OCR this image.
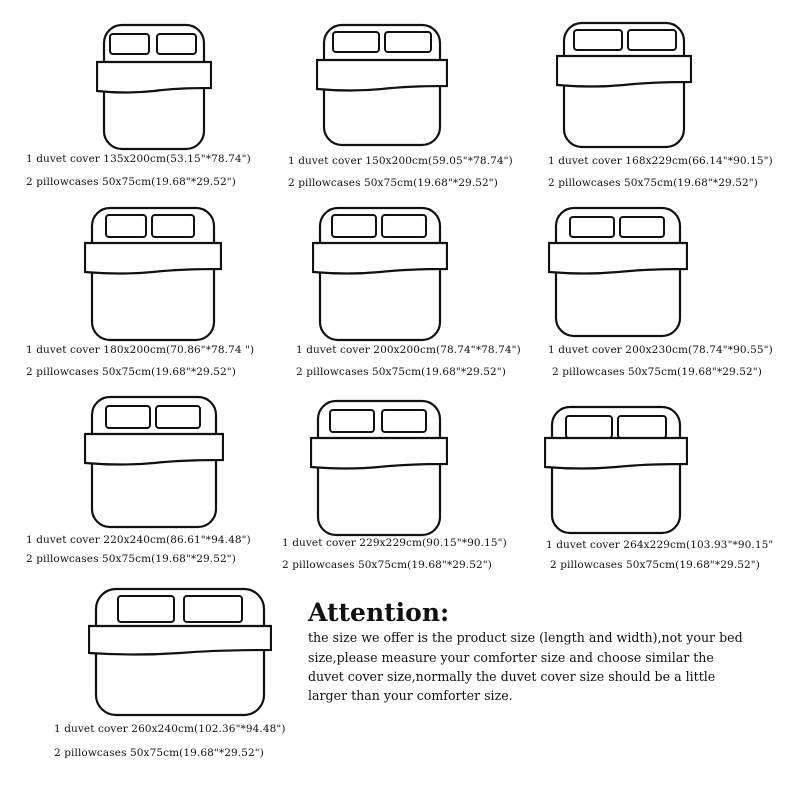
1 duvet cover 135x200cm(53.15"*78.74")
2 pillowcases 50x75cm(19.68"*29.52")
1 duvet cover 150x200cm(59.05"*78.74")
2 pillowcases 50x75cm(19.68"*29.52")
1 duvet cover 168x229cm(66.14"*90.15")
2 pillowcases 50x75cm(19.68"*29.52")
1 duvet cover 180x200cm(70.86"*78.74 ")
2 pillowcases 50x75cm(19.68"*29.52")
1 duvet cover 200x200cm(78.74"*78.74")
2 pillowcases 50x75cm(19.68"*29.52")
1 duvet cover 200x230cm(78.74"*90.55")
2 pillowcases 50x75cm(19.68"*29.52")
1 duvet cover 220x240cm(86.61"*94.48")
2 pillowcases 50x75cm(19.68"*29.52")
1 duvet cover 229x229cm(90.15"*90.15")
2 pillowcases 50x75cm(19.68"*29.52")
1 duvet cover 264x229cm(103.93"*90.15"
2 pillowcases 50x75cm(19.68"*29.52")
1 duvet cover 260x240cm(102.36"*94.48")
2 pillowcases 50x75cm(19.68"*29.52")
Attention:
the size we offer is the product size (length and width),not your bed
size,please measure your comforter size and choose similar the
duvet cover size,normally the duvet cover size should be a little
larger than your comforter size.
